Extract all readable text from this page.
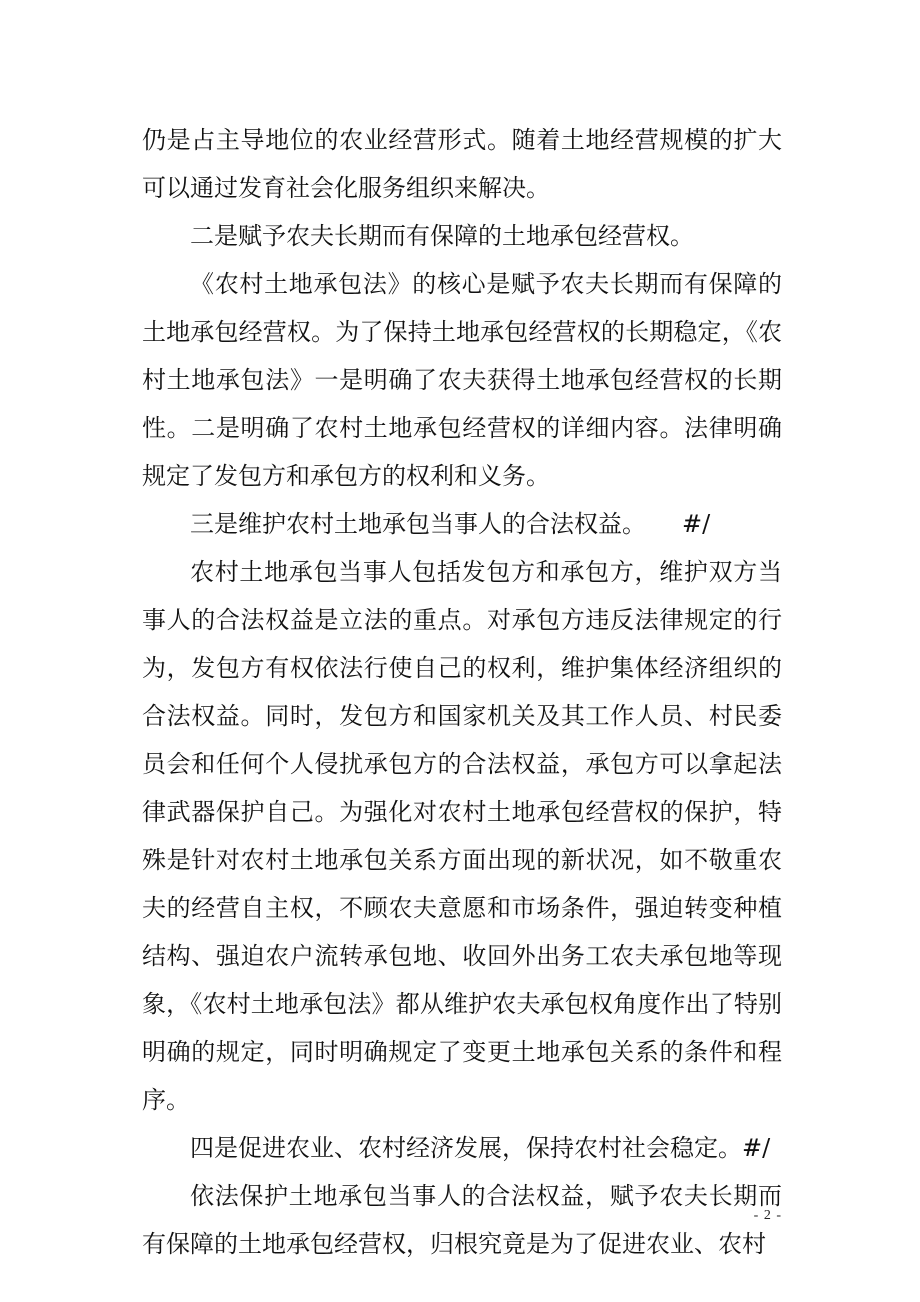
仍是占主导地位的农业经营形式。随着土地经营规模的扩大可以通过发育社会化服务组织来解决。

二是赋予农夫长期而有保障的土地承包经营权。

《农村土地承包法》的核心是赋予农夫长期而有保障的土地承包经营权。为了保持土地承包经营权的长期稳定，《农村土地承包法》一是明确了农夫获得土地承包经营权的长期性。二是明确了农村土地承包经营权的详细内容。法律明确规定了发包方和承包方的权利和义务。

三是维护农村土地承包当事人的合法权益。　　#/

农村土地承包当事人包括发包方和承包方，维护双方当事人的合法权益是立法的重点。对承包方违反法律规定的行为，发包方有权依法行使自己的权利，维护集体经济组织的合法权益。同时，发包方和国家机关及其工作人员、村民委员会和任何个人侵扰承包方的合法权益，承包方可以拿起法律武器保护自己。为强化对农村土地承包经营权的保护，特殊是针对农村土地承包关系方面出现的新状况，如不敬重农夫的经营自主权，不顾农夫意愿和市场条件，强迫转变种植结构、强迫农户流转承包地、收回外出务工农夫承包地等现象，《农村土地承包法》都从维护农夫承包权角度作出了特别明确的规定，同时明确规定了变更土地承包关系的条件和程序。

四是促进农业、农村经济发展，保持农村社会稳定。#/

依法保护土地承包当事人的合法权益，赋予农夫长期而有保障的土地承包经营权，归根究竟是为了促进农业、农村

- 2 -
